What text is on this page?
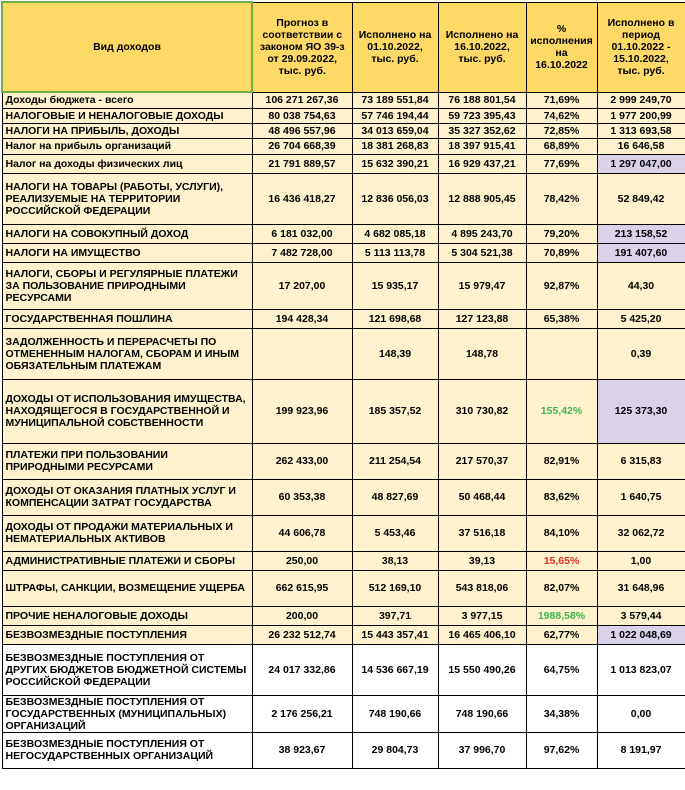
Вид доходов	Прогноз в соответствии с законом ЯО 39-з от 29.09.2022, тыс. руб.	Исполнено на 01.10.2022, тыс. руб.	Исполнено на 16.10.2022, тыс. руб.	% исполнения на 16.10.2022	Исполнено в период 01.10.2022 - 15.10.2022, тыс. руб.
Доходы бюджета - всего	106 271 267,36	73 189 551,84	76 188 801,54	71,69%	2 999 249,70
НАЛОГОВЫЕ И НЕНАЛОГОВЫЕ ДОХОДЫ	80 038 754,63	57 746 194,44	59 723 395,43	74,62%	1 977 200,99
НАЛОГИ НА ПРИБЫЛЬ, ДОХОДЫ	48 496 557,96	34 013 659,04	35 327 352,62	72,85%	1 313 693,58
Налог на прибыль организаций	26 704 668,39	18 381 268,83	18 397 915,41	68,89%	16 646,58
Налог на доходы физических лиц	21 791 889,57	15 632 390,21	16 929 437,21	77,69%	1 297 047,00
НАЛОГИ НА ТОВАРЫ (РАБОТЫ, УСЛУГИ), РЕАЛИЗУЕМЫЕ НА ТЕРРИТОРИИ РОССИЙСКОЙ ФЕДЕРАЦИИ	16 436 418,27	12 836 056,03	12 888 905,45	78,42%	52 849,42
НАЛОГИ НА СОВОКУПНЫЙ ДОХОД	6 181 032,00	4 682 085,18	4 895 243,70	79,20%	213 158,52
НАЛОГИ НА ИМУЩЕСТВО	7 482 728,00	5 113 113,78	5 304 521,38	70,89%	191 407,60
НАЛОГИ, СБОРЫ И РЕГУЛЯРНЫЕ ПЛАТЕЖИ ЗА ПОЛЬЗОВАНИЕ ПРИРОДНЫМИ РЕСУРСАМИ	17 207,00	15 935,17	15 979,47	92,87%	44,30
ГОСУДАРСТВЕННАЯ ПОШЛИНА	194 428,34	121 698,68	127 123,88	65,38%	5 425,20
ЗАДОЛЖЕННОСТЬ И ПЕРЕРАСЧЕТЫ ПО ОТМЕНЕННЫМ НАЛОГАМ, СБОРАМ И ИНЫМ ОБЯЗАТЕЛЬНЫМ ПЛАТЕЖАМ		148,39	148,78		0,39
ДОХОДЫ ОТ ИСПОЛЬЗОВАНИЯ ИМУЩЕСТВА, НАХОДЯЩЕГОСЯ В ГОСУДАРСТВЕННОЙ И МУНИЦИПАЛЬНОЙ СОБСТВЕННОСТИ	199 923,96	185 357,52	310 730,82	155,42%	125 373,30
ПЛАТЕЖИ ПРИ ПОЛЬЗОВАНИИ ПРИРОДНЫМИ РЕСУРСАМИ	262 433,00	211 254,54	217 570,37	82,91%	6 315,83
ДОХОДЫ ОТ ОКАЗАНИЯ ПЛАТНЫХ УСЛУГ И КОМПЕНСАЦИИ ЗАТРАТ ГОСУДАРСТВА	60 353,38	48 827,69	50 468,44	83,62%	1 640,75
ДОХОДЫ ОТ ПРОДАЖИ МАТЕРИАЛЬНЫХ И НЕМАТЕРИАЛЬНЫХ АКТИВОВ	44 606,78	5 453,46	37 516,18	84,10%	32 062,72
АДМИНИСТРАТИВНЫЕ ПЛАТЕЖИ И СБОРЫ	250,00	38,13	39,13	15,65%	1,00
ШТРАФЫ, САНКЦИИ, ВОЗМЕЩЕНИЕ УЩЕРБА	662 615,95	512 169,10	543 818,06	82,07%	31 648,96
ПРОЧИЕ НЕНАЛОГОВЫЕ ДОХОДЫ	200,00	397,71	3 977,15	1988,58%	3 579,44
БЕЗВОЗМЕЗДНЫЕ ПОСТУПЛЕНИЯ	26 232 512,74	15 443 357,41	16 465 406,10	62,77%	1 022 048,69
БЕЗВОЗМЕЗДНЫЕ ПОСТУПЛЕНИЯ ОТ ДРУГИХ БЮДЖЕТОВ БЮДЖЕТНОЙ СИСТЕМЫ РОССИЙСКОЙ ФЕДЕРАЦИИ	24 017 332,86	14 536 667,19	15 550 490,26	64,75%	1 013 823,07
БЕЗВОЗМЕЗДНЫЕ ПОСТУПЛЕНИЯ ОТ ГОСУДАРСТВЕННЫХ (МУНИЦИПАЛЬНЫХ) ОРГАНИЗАЦИЙ	2 176 256,21	748 190,66	748 190,66	34,38%	0,00
БЕЗВОЗМЕЗДНЫЕ ПОСТУПЛЕНИЯ ОТ НЕГОСУДАРСТВЕННЫХ ОРГАНИЗАЦИЙ	38 923,67	29 804,73	37 996,70	97,62%	8 191,97
